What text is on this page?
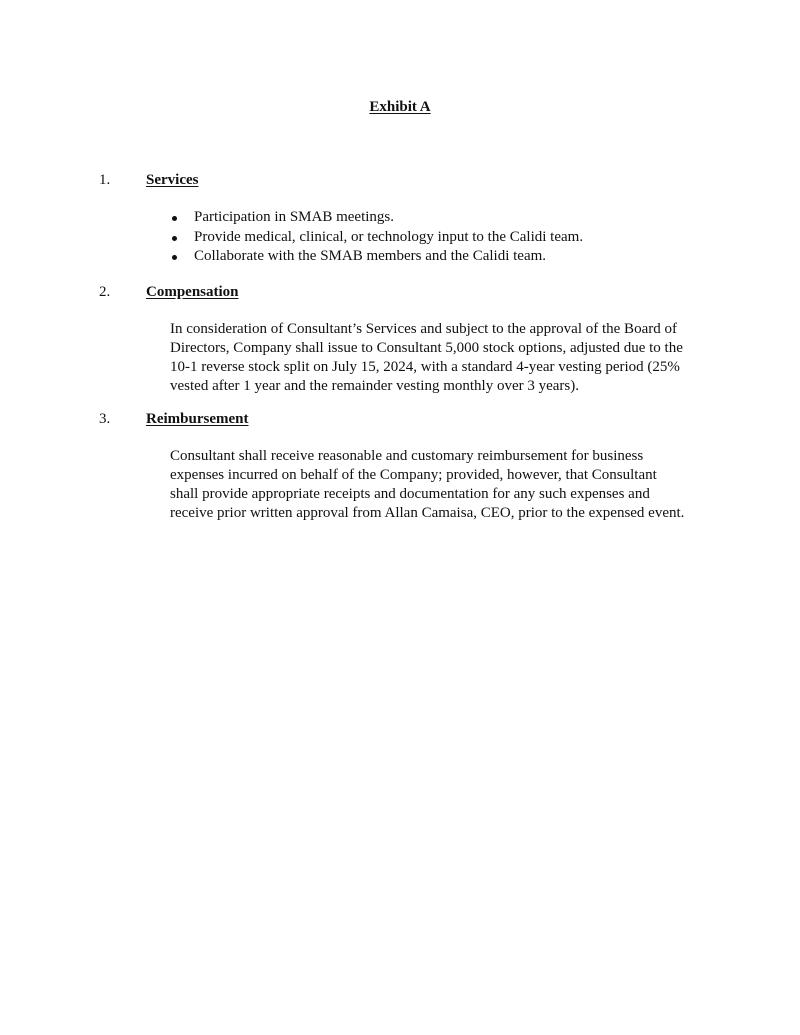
Exhibit A
1. Services
Participation in SMAB meetings.
Provide medical, clinical, or technology input to the Calidi team.
Collaborate with the SMAB members and the Calidi team.
2. Compensation
In consideration of Consultant’s Services and subject to the approval of the Board of
Directors, Company shall issue to Consultant 5,000 stock options, adjusted due to the
10-1 reverse stock split on July 15, 2024, with a standard 4-year vesting period (25%
vested after 1 year and the remainder vesting monthly over 3 years).
3. Reimbursement
Consultant shall receive reasonable and customary reimbursement for business
expenses incurred on behalf of the Company; provided, however, that Consultant
shall provide appropriate receipts and documentation for any such expenses and
receive prior written approval from Allan Camaisa, CEO, prior to the expensed event.
